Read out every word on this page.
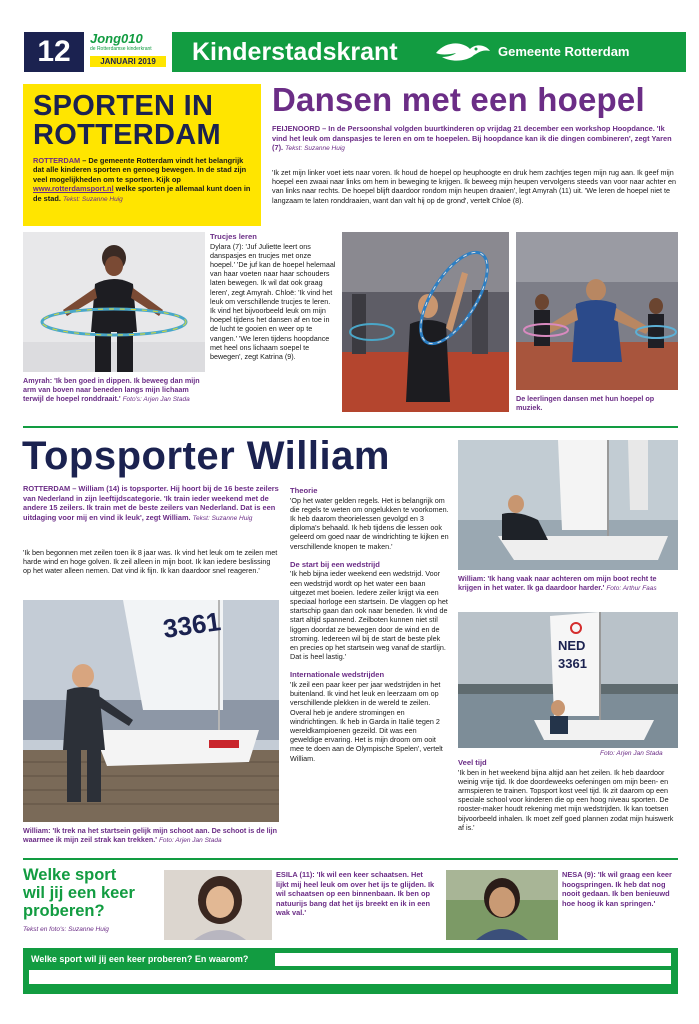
12	Jong010
de Rotterdamse kinderkrant
JANUARI 2019	Kinderstadskrant	Gemeente Rotterdam
SPORTEN IN
ROTTERDAM

ROTTERDAM – De gemeente Rotterdam vindt het belangrijk dat alle kinderen sporten en genoeg bewegen. In de stad zijn veel mogelijkheden om te sporten. Kijk op www.rotterdamsport.nl welke sporten je allemaal kunt doen in de stad. Tekst: Suzanne Huig

Dansen met een hoepel

FEIJENOORD – In de Persoonshal volgden buurtkinderen op vrijdag 21 december een workshop Hoopdance. 'Ik vind het leuk om danspasjes te leren en om te hoepelen. Bij hoopdance kan ik die dingen combineren', zegt Yaren (7). Tekst: Suzanne Huig

'Ik zet mijn linker voet iets naar voren. Ik houd de hoepel op heuphoogte en druk hem zachtjes tegen mijn rug aan. Ik geef mijn hoepel een zwaai naar links om hem in beweging te krijgen. Ik beweeg mijn heupen vervolgens steeds van voor naar achter en van links naar rechts. De hoepel blijft daardoor rondom mijn heupen draaien', legt Amyrah (11) uit. 'We leren de hoepel niet te langzaam te laten ronddraaien, want dan valt hij op de grond', vertelt Chloë (8).

Amyrah: 'Ik ben goed in dippen. Ik beweeg dan mijn arm van boven naar beneden langs mijn lichaam terwijl de hoepel ronddraait.' Foto's: Arjen Jan Stada

Trucjes leren

Dylara (7): 'Juf Juliette leert ons danspasjes en trucjes met onze hoepel.' 'De juf kan de hoepel helemaal van haar voeten naar haar schouders laten bewegen. Ik wil dat ook graag leren', zegt Amyrah. Chloë: 'Ik vind het leuk om verschillende trucjes te leren. Ik vind het bijvoorbeeld leuk om mijn hoepel tijdens het dansen af en toe in de lucht te gooien en weer op te vangen.' 'We leren tijdens hoopdance met heel ons lichaam soepel te bewegen', zegt Katrina (9).

De leerlingen dansen met hun hoepel op muziek.

Topsporter William

ROTTERDAM – William (14) is topsporter. Hij hoort bij de 16 beste zeilers van Nederland in zijn leeftijdscategorie. 'Ik train ieder weekend met de andere 15 zeilers. Ik train met de beste zeilers van Nederland. Dat is een uitdaging voor mij en vind ik leuk', zegt William. Tekst: Suzanne Huig

'Ik ben begonnen met zeilen toen ik 8 jaar was. Ik vind het leuk om te zeilen met harde wind en hoge golven. Ik zeil alleen in mijn boot. Ik kan iedere beslissing op het water alleen nemen. Dat vind ik fijn. Ik kan daardoor snel reageren.'

3361

William: 'Ik trek na het startsein gelijk mijn schoot aan. De schoot is de lijn waarmee ik mijn zeil strak kan trekken.' Foto: Arjen Jan Stada

Theorie

'Op het water gelden regels. Het is belangrijk om die regels te weten om ongelukken te voorkomen. Ik heb daarom theorielessen gevolgd en 3 diploma's behaald. Ik heb tijdens die lessen ook geleerd om goed naar de windrichting te kijken en verschillende knopen te maken.'

De start bij een wedstrijd

'Ik heb bijna ieder weekend een wedstrijd. Voor een wedstrijd wordt op het water een baan uitgezet met boeien. Iedere zeiler krijgt via een speciaal horloge een startsein. De vlaggen op het startschip gaan dan ook naar beneden. Ik vind de start altijd spannend. Zeilboten kunnen niet stil liggen doordat ze bewegen door de wind en de stroming. Iedereen wil bij de start de beste plek en precies op het startsein weg vanaf de startlijn. Dat is heel lastig.'

Internationale wedstrijden

'Ik zeil een paar keer per jaar wedstrijden in het buitenland. Ik vind het leuk en leerzaam om op verschillende plekken in de wereld te zeilen. Overal heb je andere stromingen en windrichtingen. Ik heb in Garda in Italië tegen 2 wereldkampioenen gezeild. Dit was een geweldige ervaring. Het is mijn droom om ooit mee te doen aan de Olympische Spelen', vertelt William.

William: 'Ik hang vaak naar achteren om mijn boot recht te krijgen in het water. Ik ga daardoor harder.' Foto: Arthur Faas

NED
3361
Foto: Arjen Jan Stada
Veel tijd

'Ik ben in het weekend bijna altijd aan het zeilen. Ik heb daardoor weinig vrije tijd. Ik doe doordeweeks oefeningen om mijn been- en armspieren te trainen. Topsport kost veel tijd. Ik zit daarom op een speciale school voor kinderen die op een hoog niveau sporten. De rooster-maker houdt rekening met mijn wedstrijden. Ik kan toetsen bijvoorbeeld inhalen. Ik moet zelf goed plannen zodat mijn huiswerk af is.'

Welke sport
wil jij een keer
proberen?
Tekst en foto's: Suzanne Huig

ESILA (11): 'Ik wil een keer schaatsen. Het lijkt mij heel leuk om over het ijs te glijden. Ik wil schaatsen op een binnenbaan. Ik ben op natuurijs bang dat het ijs breekt en ik in een wak val.'

NESA (9): 'Ik wil graag een keer hoogspringen. Ik heb dat nog nooit gedaan. Ik ben benieuwd hoe hoog ik kan springen.'

Welke sport wil jij een keer proberen? En waarom?
